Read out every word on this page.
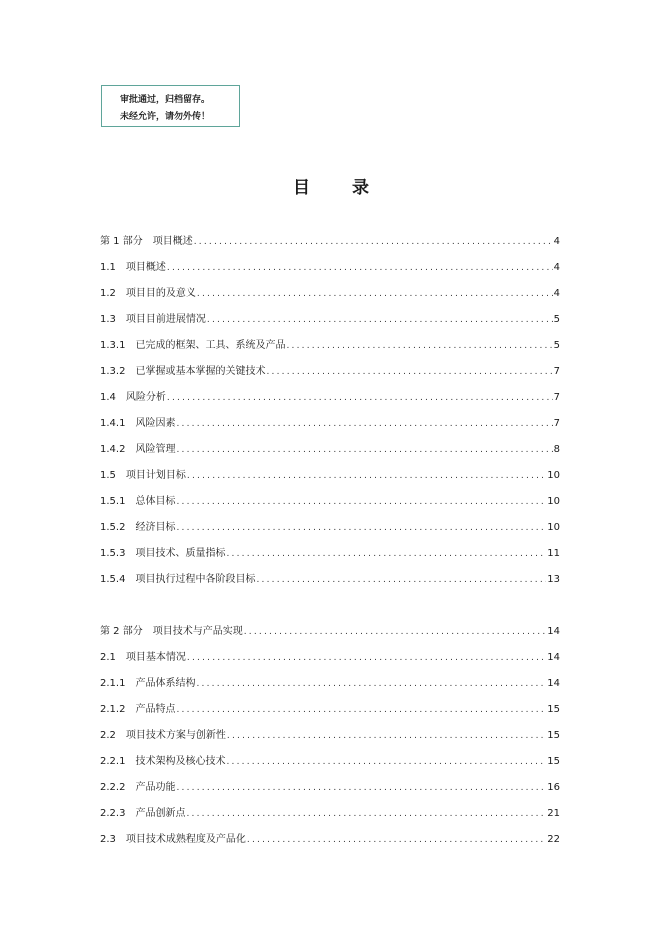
审批通过，归档留存。
未经允许，请勿外传！
目 录
第 1 部分　 项目概述 .....	4
1.1　 项目概述 .....	4
1.2　 项目目的及意义 .....	4
1.3　 项目目前进展情况 .....	5
1.3.1　 已完成的框架、工具、系统及产品 .....	5
1.3.2　 已掌握或基本掌握的关键技术 .....	7
1.4　 风险分析 .....	7
1.4.1　 风险因素 .....	7
1.4.2　 风险管理 .....	8
1.5　 项目计划目标 .....	10
1.5.1　 总体目标 .....	10
1.5.2　 经济目标 .....	10
1.5.3　 项目技术、质量指标 .....	11
1.5.4　 项目执行过程中各阶段目标 .....	13
第 2 部分　 项目技术与产品实现 .....	14
2.1　 项目基本情况 .....	14
2.1.1　 产品体系结构 .....	14
2.1.2　 产品特点 .....	15
2.2　 项目技术方案与创新性 .....	15
2.2.1　 技术架构及核心技术 .....	15
2.2.2　 产品功能 .....	16
2.2.3　 产品创新点 .....	21
2.3　 项目技术成熟程度及产品化 .....	22
